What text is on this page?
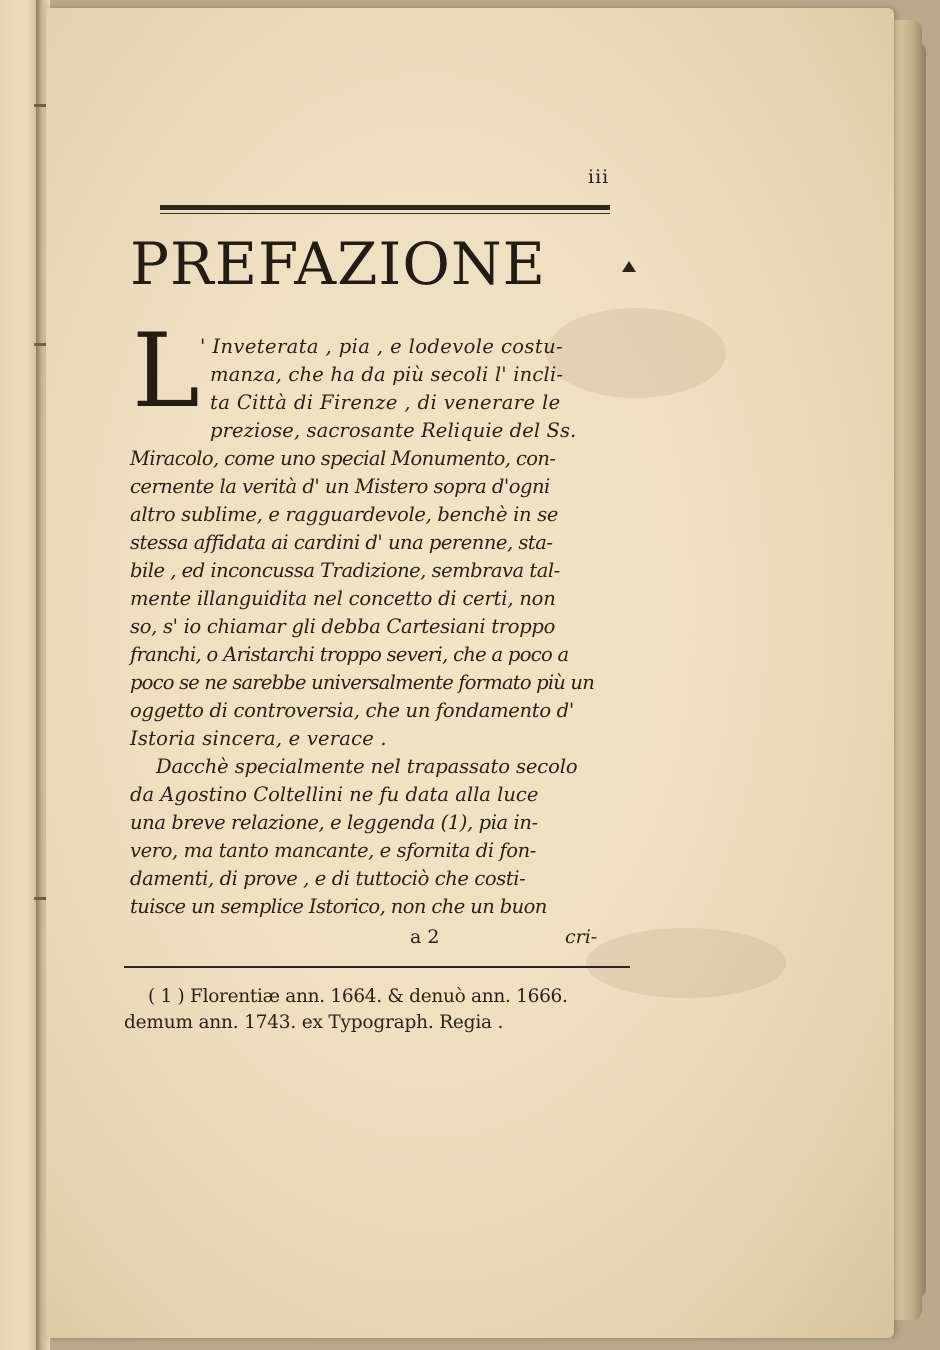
iii
PREFAZIONE
L ' Inveterata , pia , e lodevole costu-
manza, che ha da più secoli l' incli-
ta Città di Firenze , di venerare le
preziose, sacrosante Reliquie del Ss.
Miracolo, come uno special Monumento, con-
cernente la verità d' un Mistero sopra d'ogni
altro sublime, e ragguardevole, benchè in se
stessa affidata ai cardini d' una perenne, sta-
bile , ed inconcussa Tradizione, sembrava tal-
mente illanguidita nel concetto di certi, non
so, s' io chiamar gli debba Cartesiani troppo
franchi, o Aristarchi troppo severi, che a poco a
poco se ne sarebbe universalmente formato più un
oggetto di controversia, che un fondamento d'
Istoria sincera, e verace .
Dacchè specialmente nel trapassato secolo
da Agostino Coltellini ne fu data alla luce
una breve relazione, e leggenda (1), pia in-
vero, ma tanto mancante, e sfornita di fon-
damenti, di prove , e di tuttociò che costi-
tuisce un semplice Istorico, non che un buon
a 2	cri-
( 1 ) Florentiæ ann. 1664. & denuò ann. 1666.
demum ann. 1743. ex Typograph. Regia .
